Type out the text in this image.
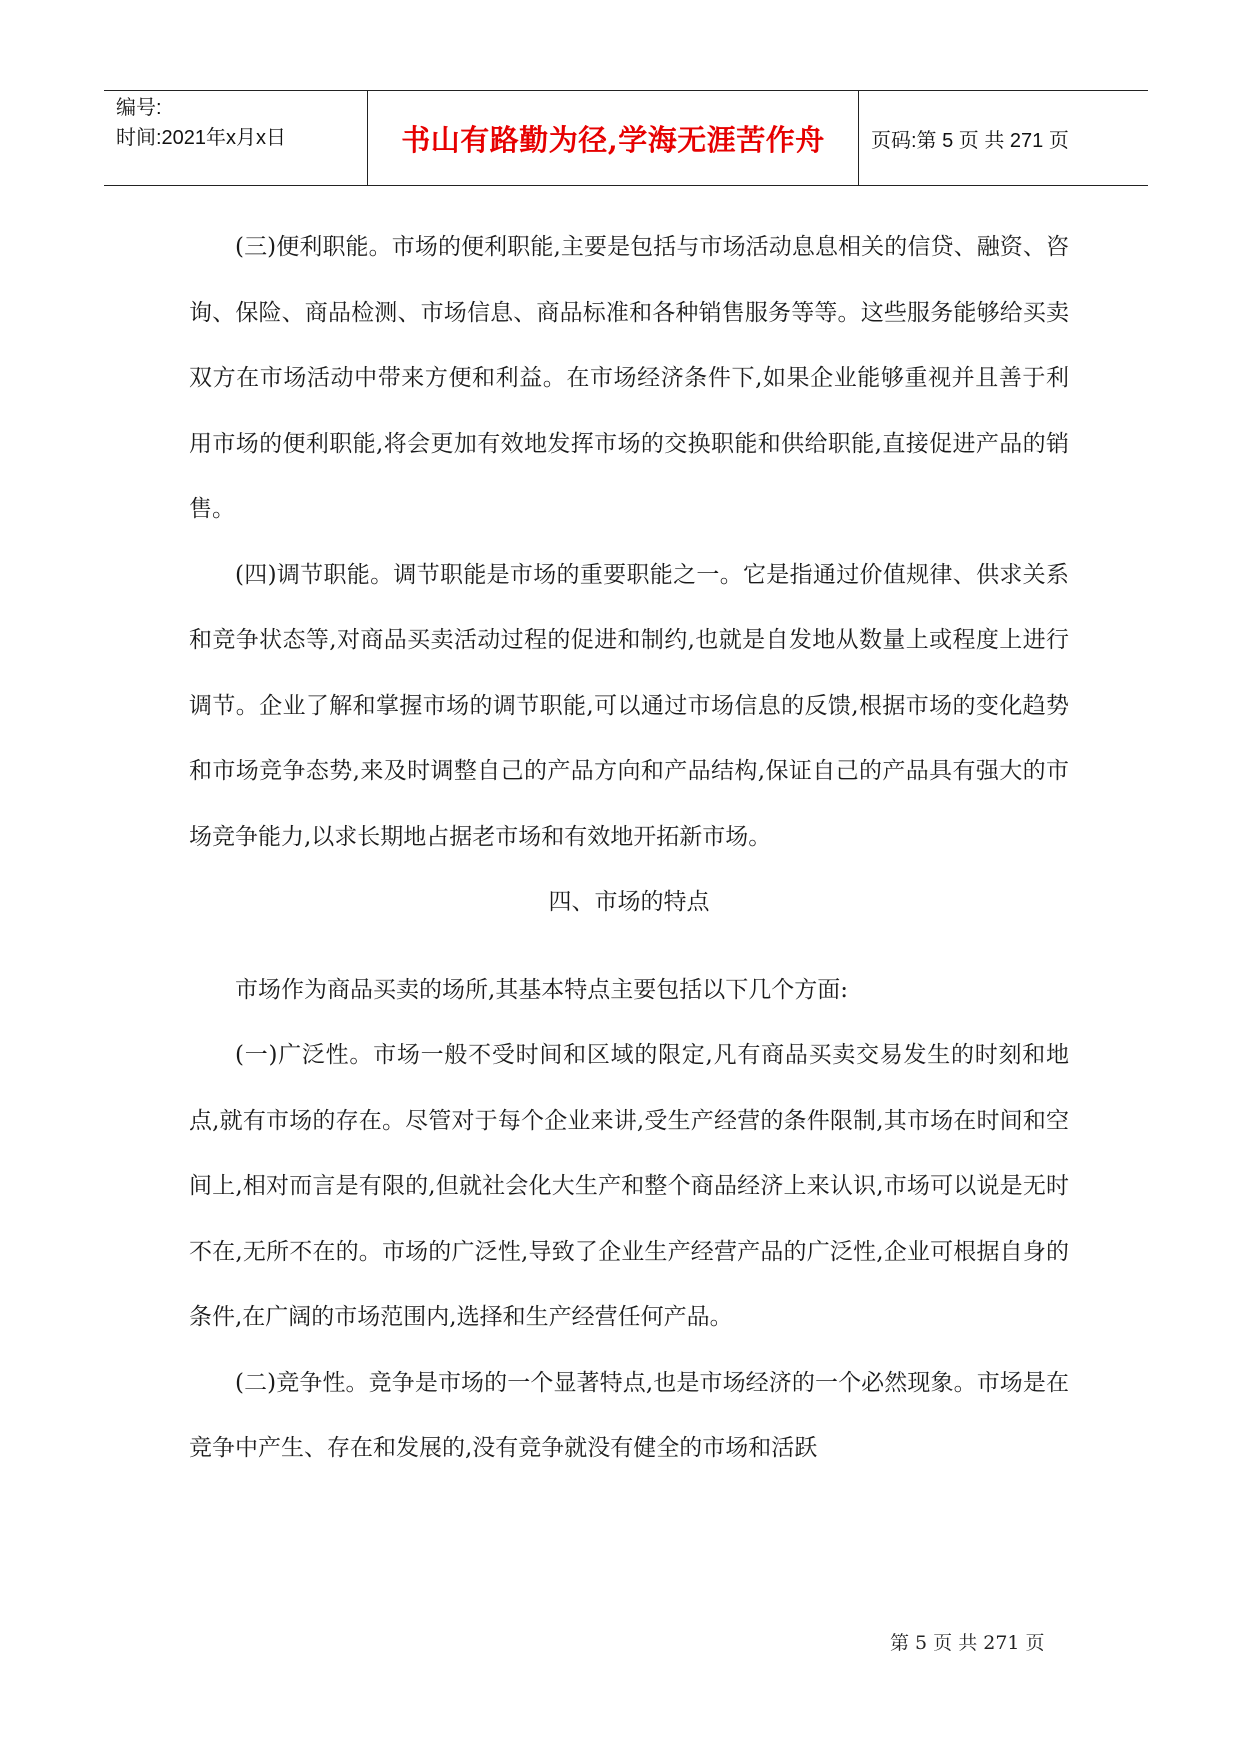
编号:
时间:2021年x月x日	书山有路勤为径,学海无涯苦作舟	页码:第 5 页 共 271 页

(三)便利职能。市场的便利职能,主要是包括与市场活动息息相关的信贷、融资、咨询、保险、商品检测、市场信息、商品标准和各种销售服务等等。这些服务能够给买卖双方在市场活动中带来方便和利益。在市场经济条件下,如果企业能够重视并且善于利用市场的便利职能,将会更加有效地发挥市场的交换职能和供给职能,直接促进产品的销售。

(四)调节职能。调节职能是市场的重要职能之一。它是指通过价值规律、供求关系和竞争状态等,对商品买卖活动过程的促进和制约,也就是自发地从数量上或程度上进行调节。企业了解和掌握市场的调节职能,可以通过市场信息的反馈,根据市场的变化趋势和市场竞争态势,来及时调整自己的产品方向和产品结构,保证自己的产品具有强大的市场竞争能力,以求长期地占据老市场和有效地开拓新市场。

四、市场的特点

市场作为商品买卖的场所,其基本特点主要包括以下几个方面:

(一)广泛性。市场一般不受时间和区域的限定,凡有商品买卖交易发生的时刻和地点,就有市场的存在。尽管对于每个企业来讲,受生产经营的条件限制,其市场在时间和空间上,相对而言是有限的,但就社会化大生产和整个商品经济上来认识,市场可以说是无时不在,无所不在的。市场的广泛性,导致了企业生产经营产品的广泛性,企业可根据自身的条件,在广阔的市场范围内,选择和生产经营任何产品。

(二)竞争性。竞争是市场的一个显著特点,也是市场经济的一个必然现象。市场是在竞争中产生、存在和发展的,没有竞争就没有健全的市场和活跃

第 5 页 共 271 页
